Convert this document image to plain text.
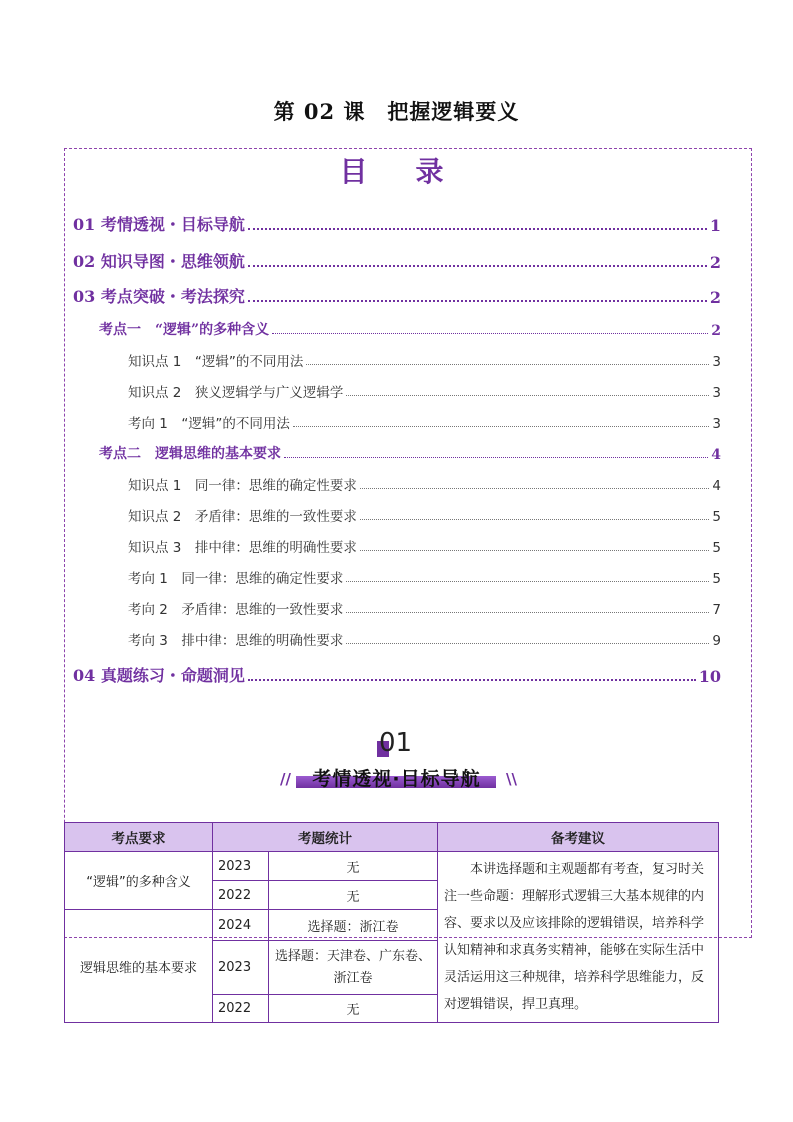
第 02 课　把握逻辑要义
目　录
01 考情透视・目标导航	1
02 知识导图・思维领航	2
03 考点突破・考法探究	2
考点一　“逻辑”的多种含义	2
知识点 1　“逻辑”的不同用法	3
知识点 2　狭义逻辑学与广义逻辑学	3
考向 1　“逻辑”的不同用法	3
考点二　逻辑思维的基本要求	4
知识点 1　同一律：思维的确定性要求	4
知识点 2　矛盾律：思维的一致性要求	5
知识点 3　排中律：思维的明确性要求	5
考向 1　同一律：思维的确定性要求	5
考向 2　矛盾律：思维的一致性要求	7
考向 3　排中律：思维的明确性要求	9
04 真题练习・命题洞见	10
01
//	\\
考情透视·目标导航
考点要求	考题统计		备考建议
“逻辑”的多种含义	2023	无	本讲选择题和主观题都有考查，复习时关注一些命题：理解形式逻辑三大基本规律的内容、要求以及应该排除的逻辑错误，培养科学认知精神和求真务实精神，能够在实际生活中灵活运用这三种规律，培养科学思维能力，反对逻辑错误，捍卫真理。
	2022	无	
逻辑思维的基本要求	2024	选择题：浙江卷	
	2023	选择题：天津卷、广东卷、浙江卷	
	2022	无	
